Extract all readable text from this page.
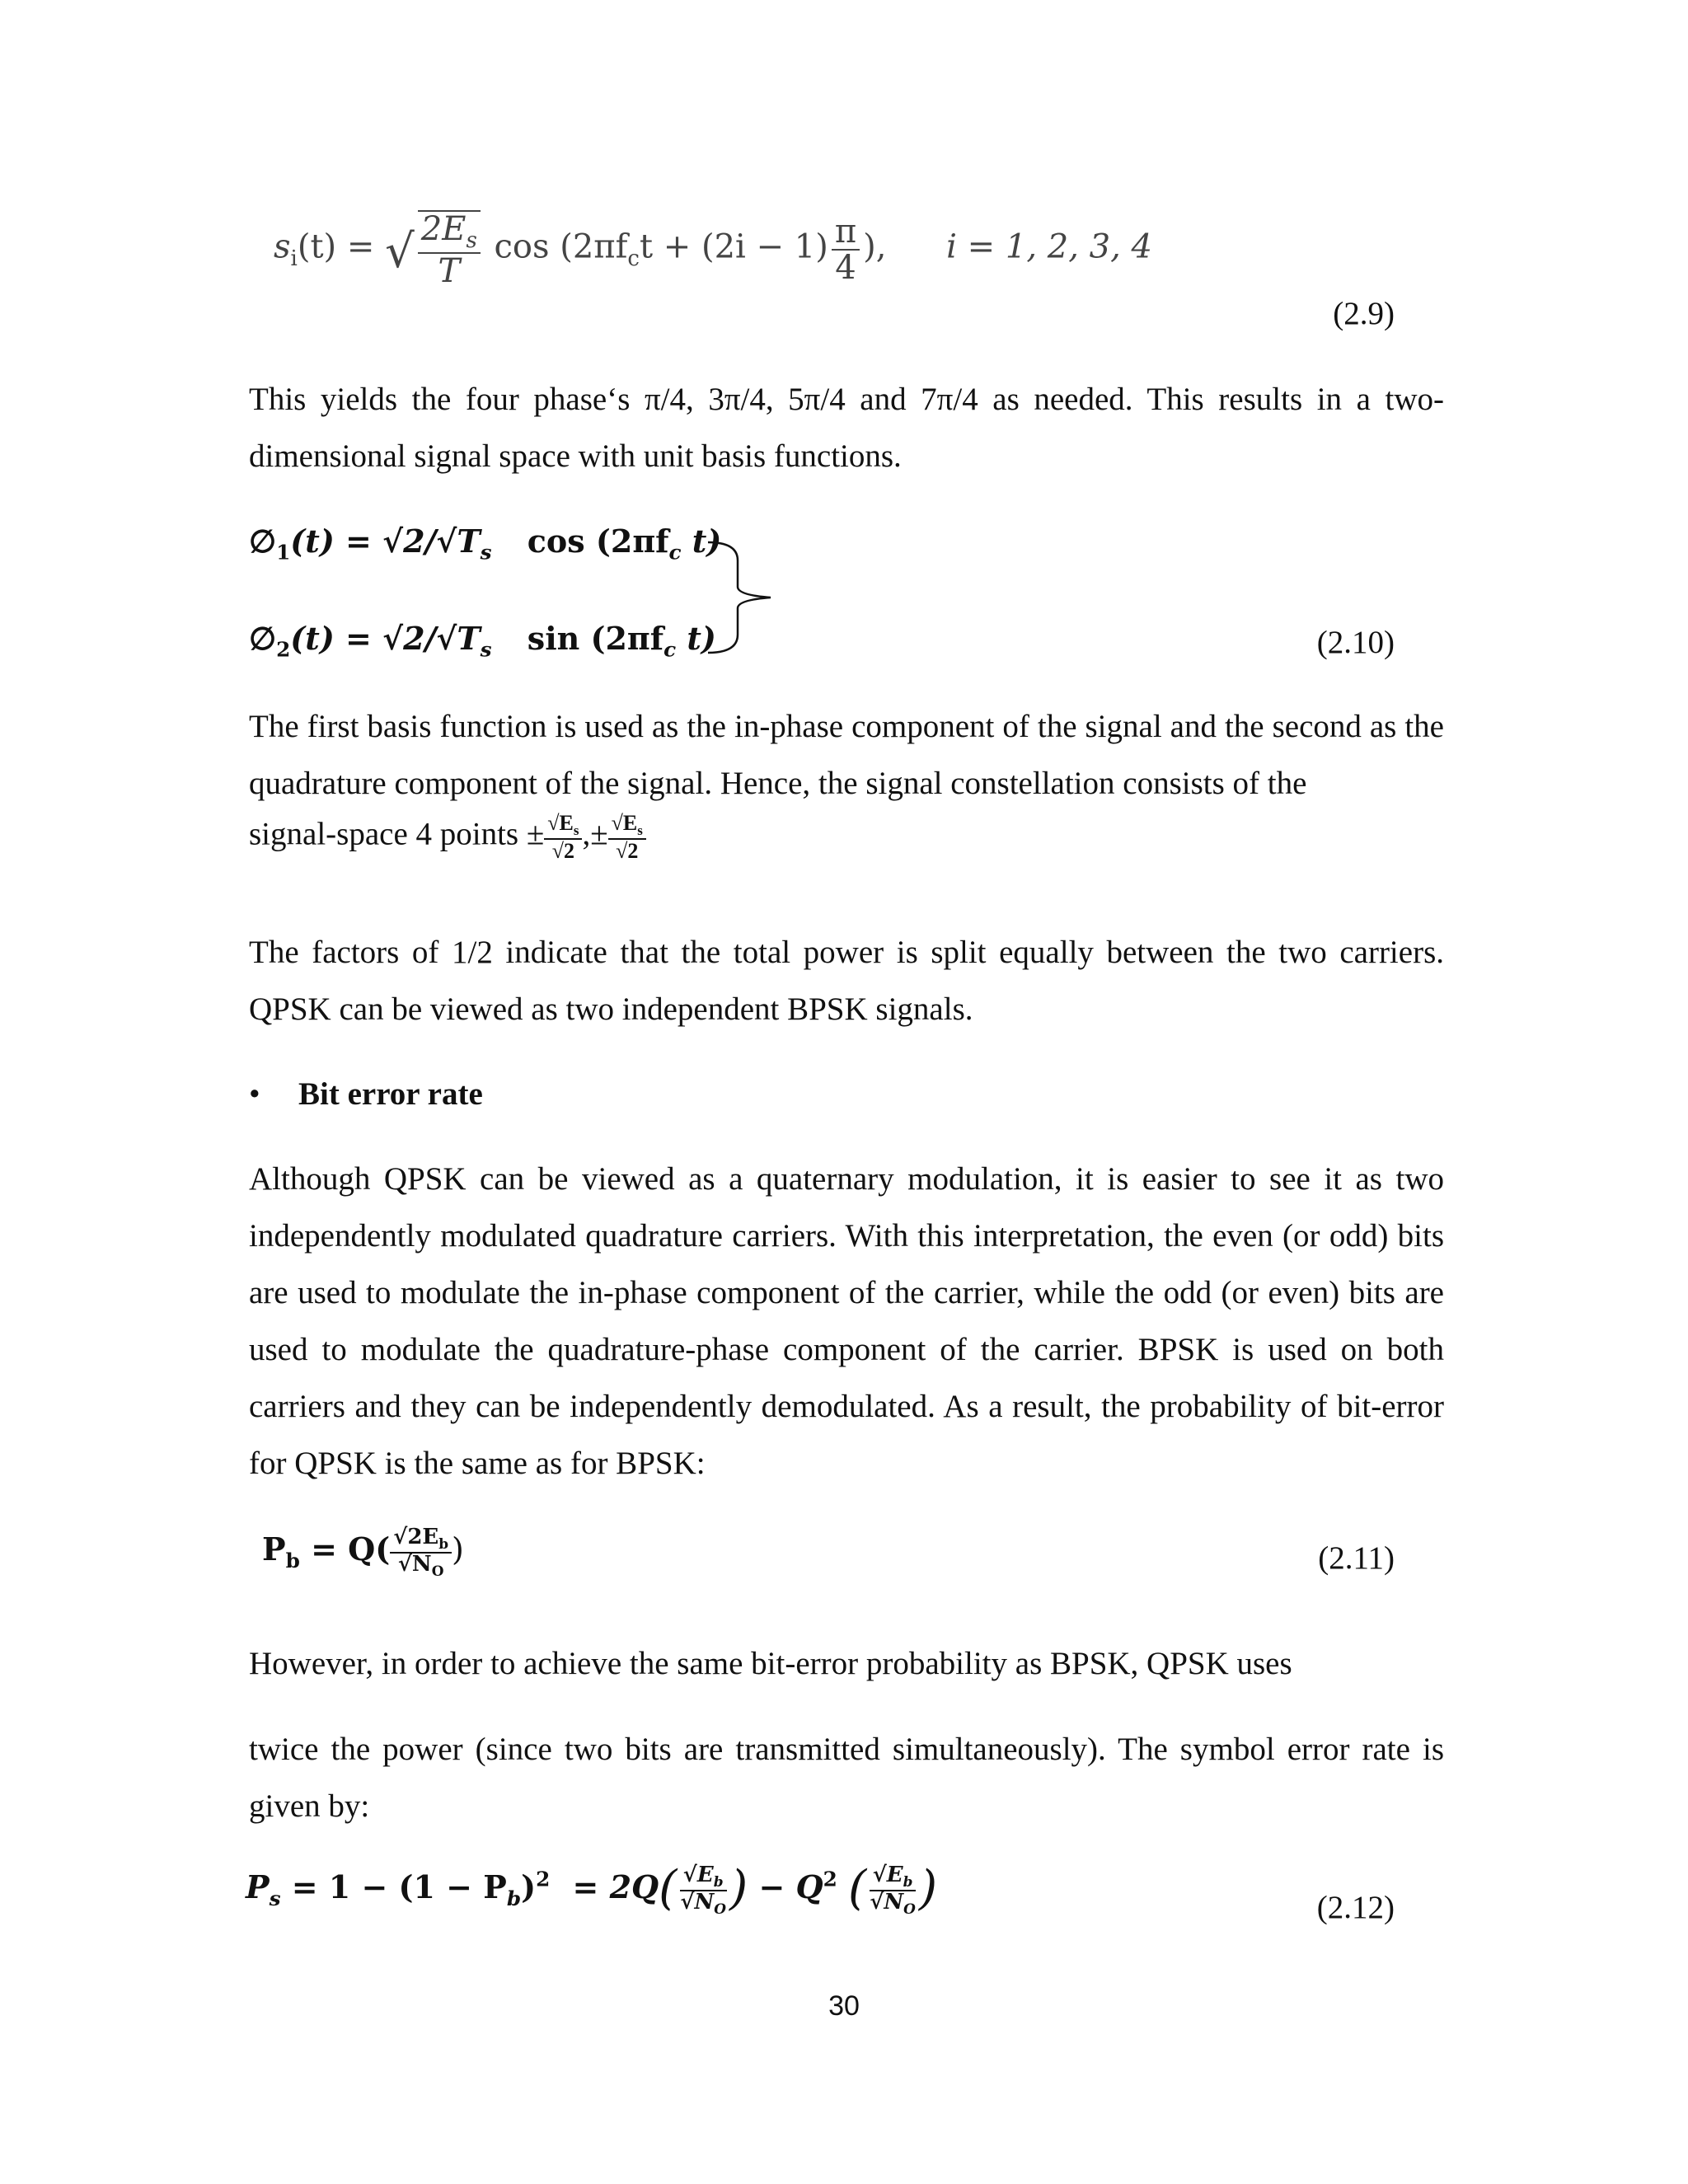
$s_i(t)$ = √ $\frac{2E_s}{T}$ $\cos (2\pi f_ct + (2i - 1) \frac{\pi}{4}$ ), i = 1, 2, 3, 4
(2.9)

This yields the four phase‘s π/4, 3π/4, 5π/4 and 7π/4 as needed. This results in a two-dimensional signal space with unit basis functions.

$\emptyset_1(t) = √2/√T_s$ $\cos (2\pi f_c$ t)
$\emptyset_2(t) = √2/√T_s$ $\sin (2\pi f_c$ t)	(2.10)

The first basis function is used as the in-phase component of the signal and the second as the quadrature component of the signal. Hence, the signal constellation consists of the

signal-space 4 points ± $\frac{√E_s}{√2}$ ,± $\frac{√E_s}{√2}$

The factors of 1/2 indicate that the total power is split equally between the two carriers. QPSK can be viewed as two independent BPSK signals.

• Bit error rate

Although QPSK can be viewed as a quaternary modulation, it is easier to see it as two independently modulated quadrature carriers. With this interpretation, the even (or odd) bits are used to modulate the in-phase component of the carrier, while the odd (or even) bits are used to modulate the quadrature-phase component of the carrier. BPSK is used on both carriers and they can be independently demodulated. As a result, the probability of bit-error for QPSK is the same as for BPSK:

$P_b = Q( \frac{√2E_b}{√N_O}$ )	(2.11)

However, in order to achieve the same bit-error probability as BPSK, QPSK uses

twice the power (since two bits are transmitted simultaneously). The symbol error rate is given by:

$P_s = 1 - (1 - P_b)^2 = 2Q( \frac{√E_b}{√N_O}$ ) − $Q^2$ ( $\frac{√E_b}{√N_O}$ )	(2.12)
30
